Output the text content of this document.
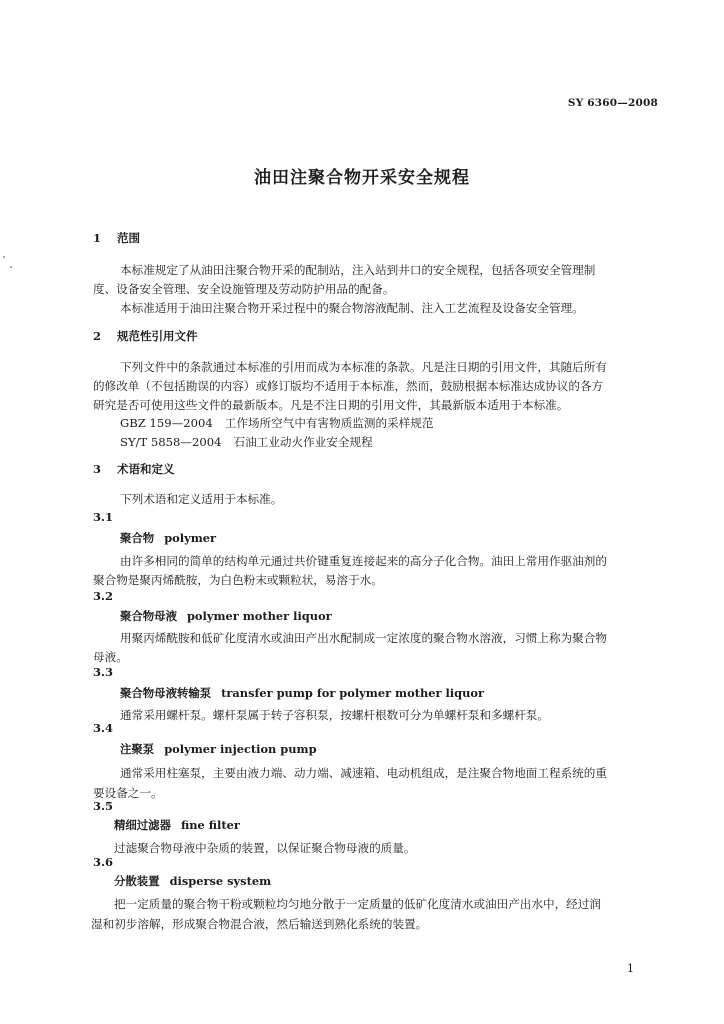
SY 6360—2008
油田注聚合物开采安全规程
1 范围
本标准规定了从油田注聚合物开采的配制站，注入站到井口的安全规程，包括各项安全管理制
度、设备安全管理、安全设施管理及劳动防护用品的配备。
本标准适用于油田注聚合物开采过程中的聚合物溶液配制、注入工艺流程及设备安全管理。
2 规范性引用文件
下列文件中的条款通过本标准的引用而成为本标准的条款。凡是注日期的引用文件，其随后所有
的修改单（不包括勘误的内容）或修订版均不适用于本标准，然而，鼓励根据本标准达成协议的各方
研究是否可使用这些文件的最新版本。凡是不注日期的引用文件，其最新版本适用于本标准。
GBZ 159—2004 工作场所空气中有害物质监测的采样规范
SY/T 5858—2004 石油工业动火作业安全规程
3 术语和定义
下列术语和定义适用于本标准。
3.1
聚合物 polymer
由许多相同的简单的结构单元通过共价键重复连接起来的高分子化合物。油田上常用作驱油剂的
聚合物是聚丙烯酰胺，为白色粉末或颗粒状，易溶于水。
3.2
聚合物母液 polymer mother liquor
用聚丙烯酰胺和低矿化度清水或油田产出水配制成一定浓度的聚合物水溶液，习惯上称为聚合物
母液。
3.3
聚合物母液转输泵 transfer pump for polymer mother liquor
通常采用螺杆泵。螺杆泵属于转子容积泵，按螺杆根数可分为单螺杆泵和多螺杆泵。
3.4
注聚泵 polymer injection pump
通常采用柱塞泵，主要由液力端、动力端、减速箱、电动机组成，是注聚合物地面工程系统的重
要设备之一。
3.5
精细过滤器 fine filter
过滤聚合物母液中杂质的装置，以保证聚合物母液的质量。
3.6
分散装置 disperse system
把一定质量的聚合物干粉或颗粒均匀地分散于一定质量的低矿化度清水或油田产出水中，经过润
湿和初步溶解，形成聚合物混合液，然后输送到熟化系统的装置。
1
